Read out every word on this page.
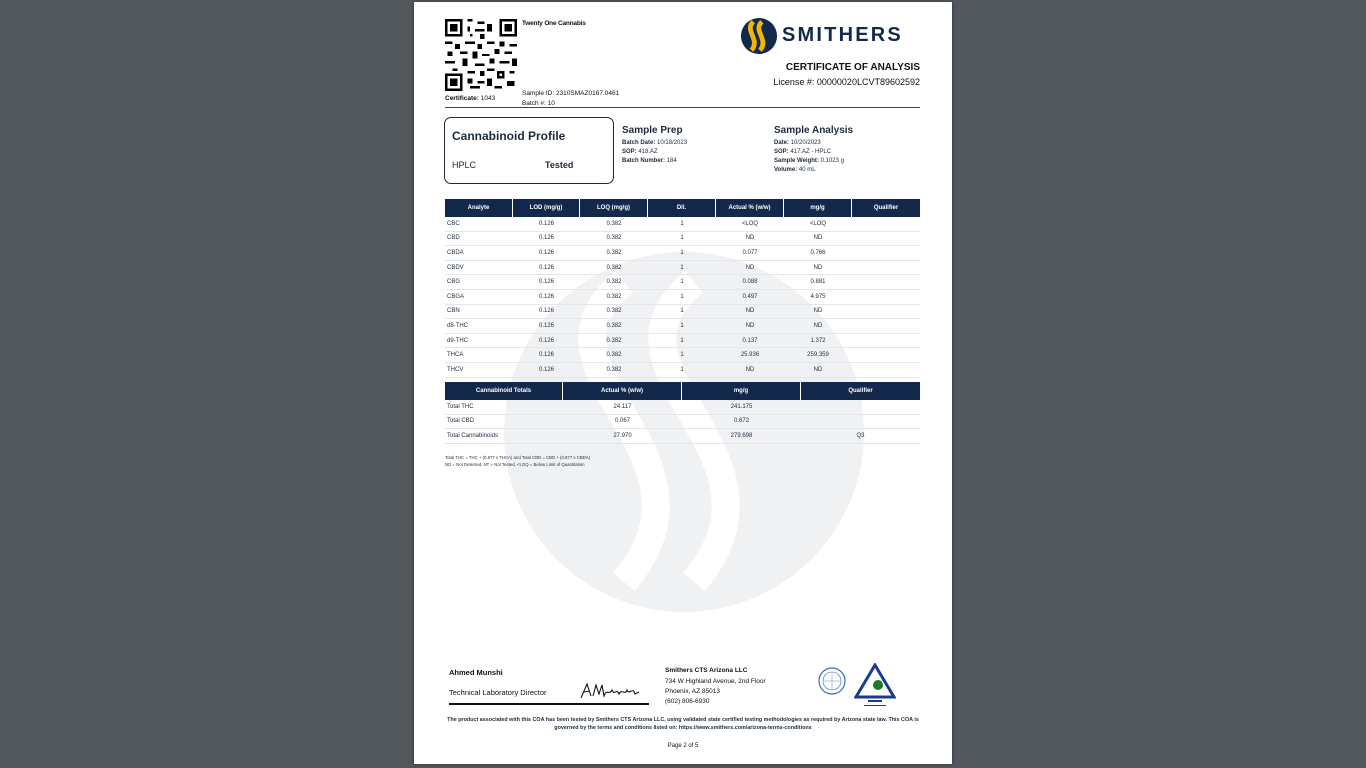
Certificate: 1043
Twenty One Cannabis
Sample ID: 2310SMAZ0167.0461
Batch #: 10
SMITHERS
CERTIFICATE OF ANALYSIS
License #: 00000020LCVT89602592
Cannabinoid Profile
HPLC	Tested
Sample Prep
Batch Date: 10/18/2023
SOP: 418.AZ
Batch Number: 184
Sample Analysis
Date: 10/20/2023
SOP: 417.AZ - HPLC
Sample Weight: 0.1023 g
Volume: 40 mL
Analyte	LOD (mg/g)	LOQ (mg/g)	Dil.	Actual % (w/w)	mg/g	Qualifier
CBC	0.126	0.382	1	<LOQ	<LOQ	
CBD	0.126	0.382	1	ND	ND	
CBDA	0.126	0.382	1	0.077	0.766	
CBDV	0.126	0.382	1	ND	ND	
CBG	0.126	0.382	1	0.088	0.881	
CBGA	0.126	0.382	1	0.497	4.975	
CBN	0.126	0.382	1	ND	ND	
d8-THC	0.126	0.382	1	ND	ND	
d9-THC	0.126	0.382	1	0.137	1.372	
THCA	0.126	0.382	1	25.936	259.359	
THCV	0.126	0.382	1	ND	ND	
Cannabinoid Totals	Actual % (w/w)	mg/g	Qualifier
Total THC	24.117	241.175	
Total CBD	0.067	0.672	
Total Cannabinoids	27.970	279.698	Q3
Total THC = THC + (0.877 x THCA) and Total CBD = CBD + (0.877 x CBDA)
ND = Not Detected, NT = Not Tested, <LOQ = Below Limit of Quantitation
Ahmed Munshi
Technical Laboratory Director
Smithers CTS Arizona LLC
734 W Highland Avenue, 2nd Floor
Phoenix, AZ 85013
(602) 806-6930
The product associated with this COA has been tested by Smithers CTS Arizona LLC, using validated state certified testing methodologies as required by Arizona state law. This COA is governed by the terms and conditions listed on: https://www.smithers.com/arizona-terms-conditions
Page 2 of 5
